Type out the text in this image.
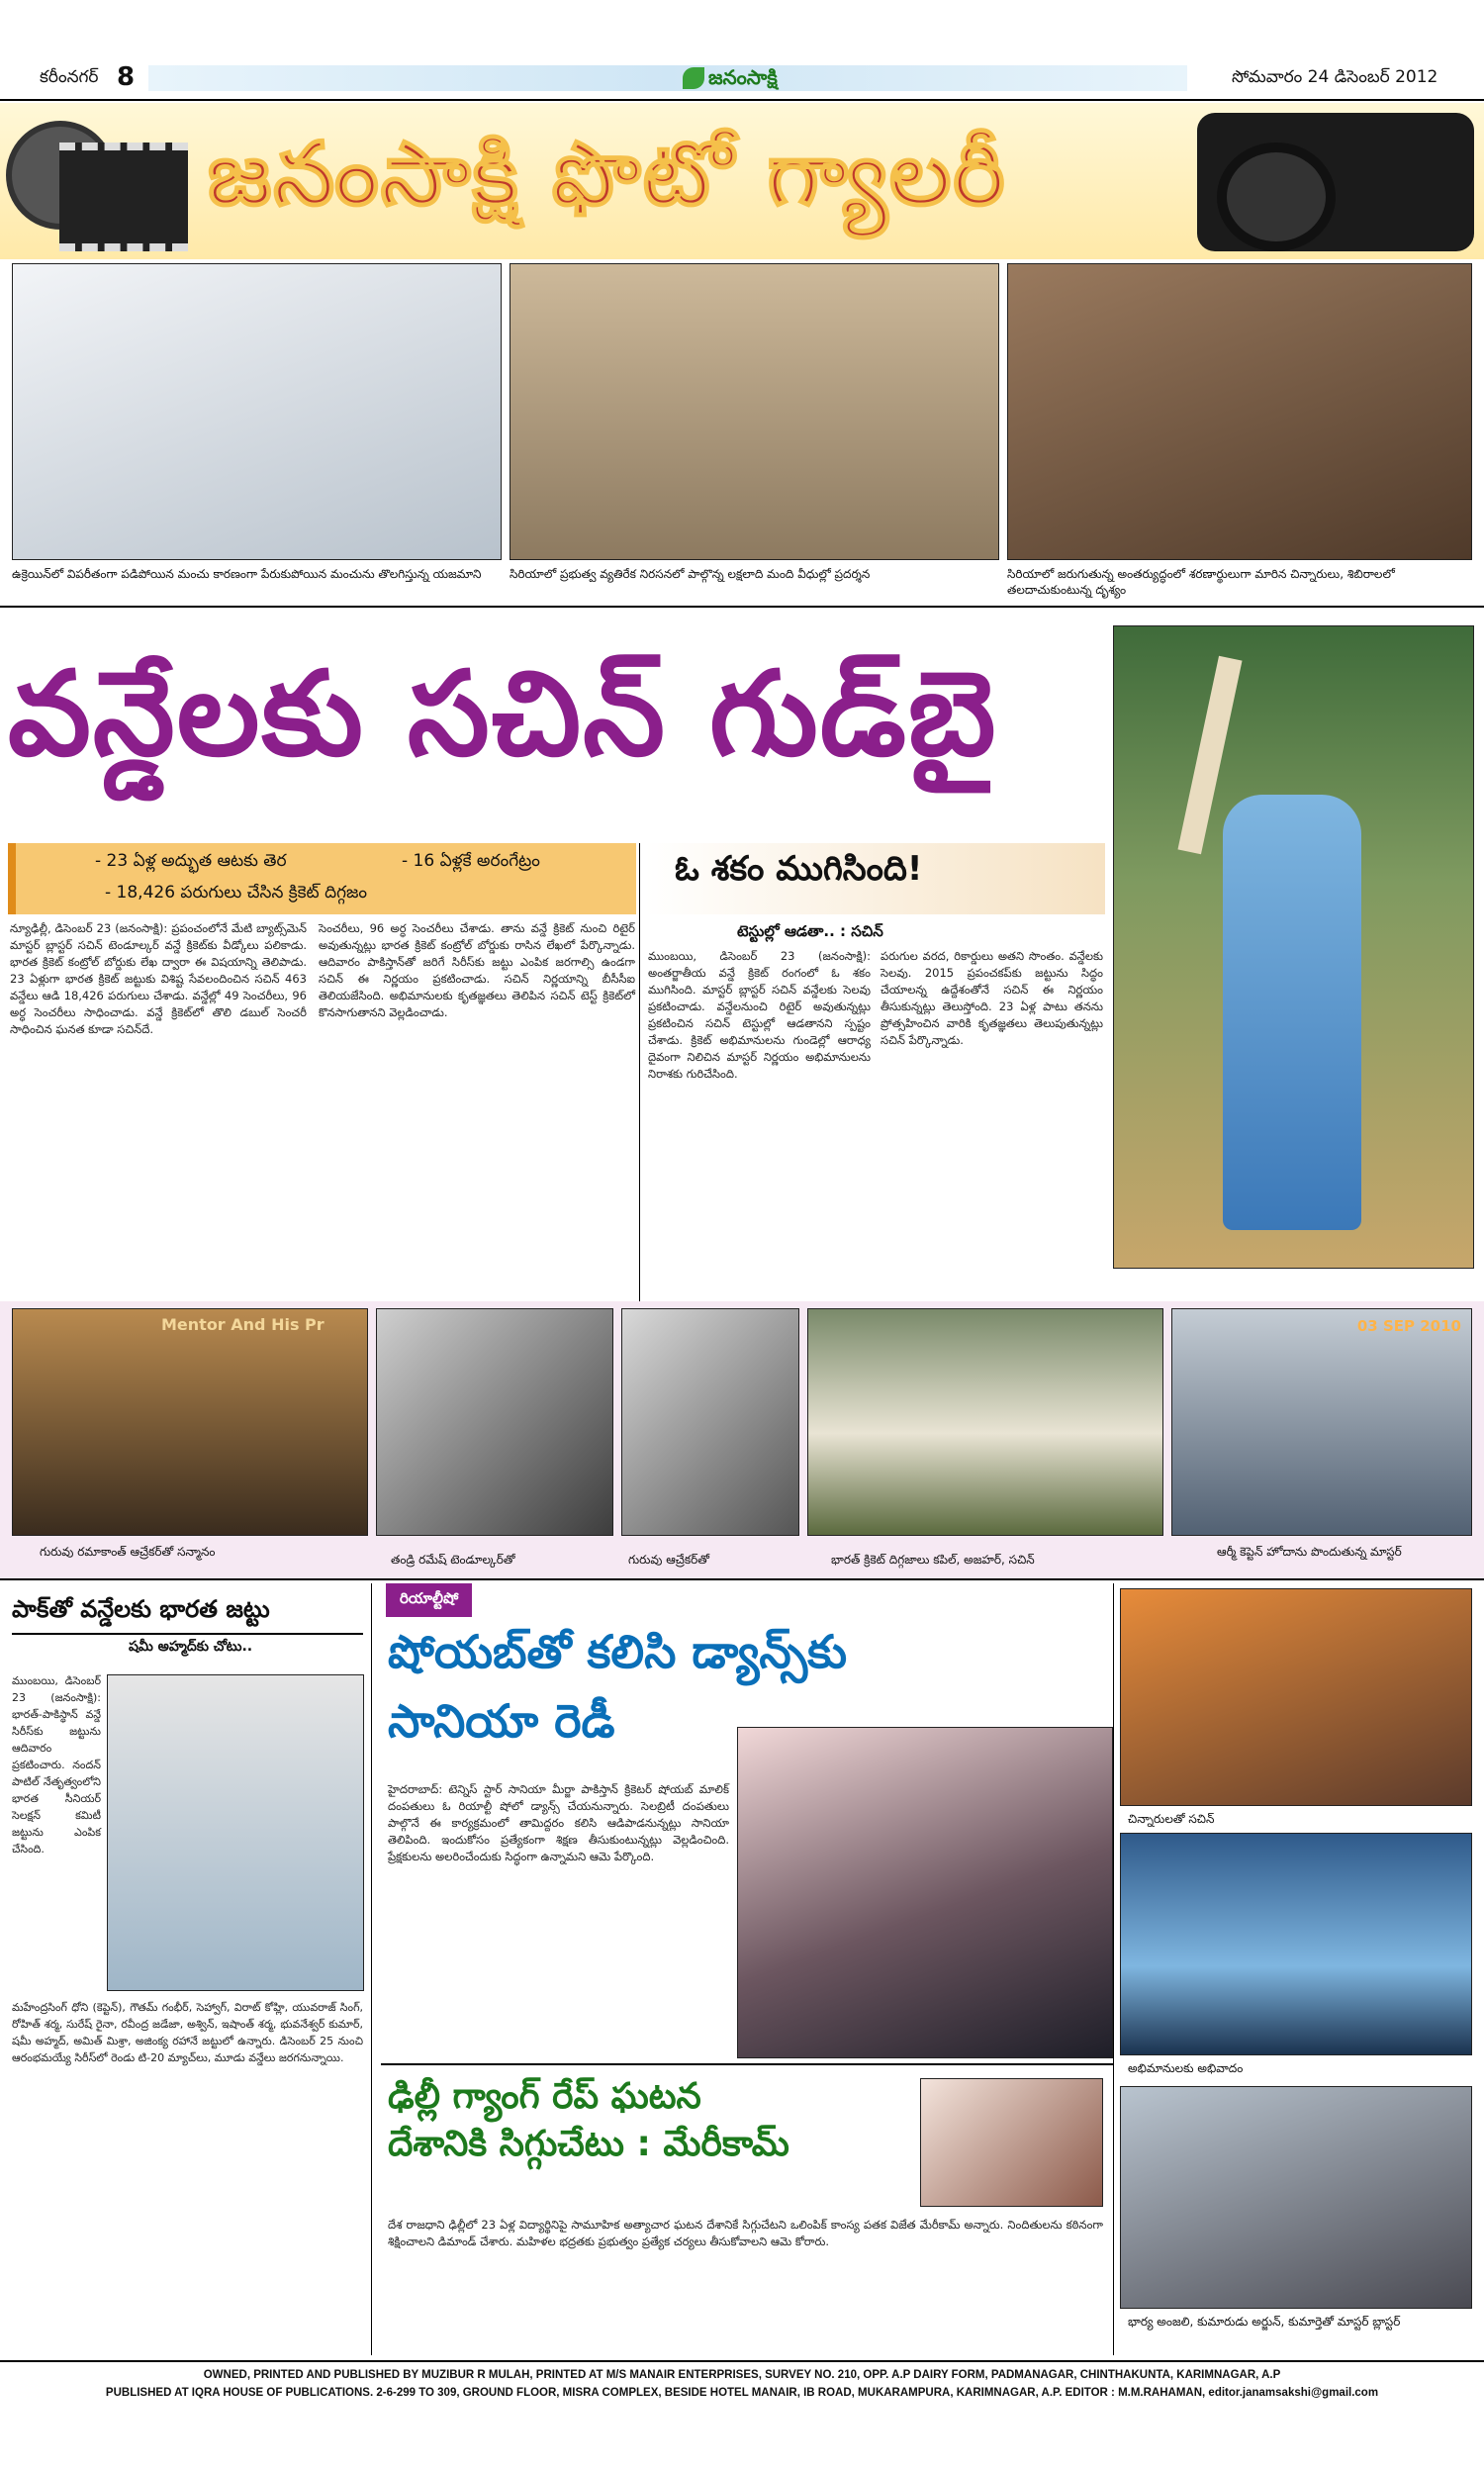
కరీంనగర్ 8	జనంసాక్షి	సోమవారం 24 డిసెంబర్ 2012
జనంసాక్షి ఫొటో గ్యాలరీ
ఉక్రెయిన్‌లో విపరీతంగా పడిపోయిన మంచు కారణంగా పేరుకుపోయిన మంచును తొలగిస్తున్న యజమాని	సిరియాలో ప్రభుత్వ వ్యతిరేక నిరసనలో పాల్గొన్న లక్షలాది మంది వీధుల్లో ప్రదర్శన	సిరియాలో జరుగుతున్న అంతర్యుద్ధంలో శరణార్థులుగా మారిన చిన్నారులు, శిబిరాలలో తలదాచుకుంటున్న దృశ్యం
వన్డేలకు సచిన్ గుడ్‌బై
- 23 ఏళ్ల అద్భుత ఆటకు తెర	- 16 ఏళ్లకే అరంగేట్రం
- 18,426 పరుగులు చేసిన క్రికెట్ దిగ్గజం
ఓ శకం ముగిసింది!
టెస్టుల్లో ఆడతా.. : సచిన్
న్యూఢిల్లీ, డిసెంబర్ 23 (జనంసాక్షి): ప్రపంచంలోనే మేటి బ్యాట్స్‌మెన్ మాస్టర్ బ్లాస్టర్ సచిన్ టెండూల్కర్ వన్డే క్రికెట్‌కు వీడ్కోలు పలికాడు. భారత క్రికెట్ కంట్రోల్ బోర్డుకు లేఖ ద్వారా ఈ విషయాన్ని తెలిపాడు. 23 ఏళ్లుగా భారత క్రికెట్ జట్టుకు విశిష్ట సేవలందించిన సచిన్ 463 వన్డేలు ఆడి 18,426 పరుగులు చేశాడు. వన్డేల్లో 49 సెంచరీలు, 96 అర్ధ సెంచరీలు సాధించాడు. వన్డే క్రికెట్‌లో తొలి డబుల్ సెంచరీ సాధించిన ఘనత కూడా సచిన్‌దే.
సెంచరీలు, 96 అర్ధ సెంచరీలు చేశాడు. తాను వన్డే క్రికెట్ నుంచి రిటైర్ అవుతున్నట్లు భారత క్రికెట్ కంట్రోల్ బోర్డుకు రాసిన లేఖలో పేర్కొన్నాడు. ఆదివారం పాకిస్తాన్‌తో జరిగే సిరీస్‌కు జట్టు ఎంపిక జరగాల్సి ఉండగా సచిన్ ఈ నిర్ణయం ప్రకటించాడు. సచిన్ నిర్ణయాన్ని బీసీసీఐ తెలియజేసింది. అభిమానులకు కృతజ్ఞతలు తెలిపిన సచిన్ టెస్ట్ క్రికెట్‌లో కొనసాగుతానని వెల్లడించాడు.
ముంబయి, డిసెంబర్ 23 (జనంసాక్షి): అంతర్జాతీయ వన్డే క్రికెట్ రంగంలో ఓ శకం ముగిసింది. మాస్టర్ బ్లాస్టర్ సచిన్ వన్డేలకు సెలవు ప్రకటించాడు. వన్డేలనుంచి రిటైర్ అవుతున్నట్లు ప్రకటించిన సచిన్ టెస్టుల్లో ఆడతానని స్పష్టం చేశాడు. క్రికెట్ అభిమానులను గుండెల్లో ఆరాధ్య దైవంగా నిలిచిన మాస్టర్ నిర్ణయం అభిమానులను నిరాశకు గురిచేసింది.
పరుగుల వరద, రికార్డులు అతని సొంతం. వన్డేలకు సెలవు. 2015 ప్రపంచకప్‌కు జట్టును సిద్ధం చేయాలన్న ఉద్దేశంతోనే సచిన్ ఈ నిర్ణయం తీసుకున్నట్లు తెలుస్తోంది. 23 ఏళ్ల పాటు తనను ప్రోత్సహించిన వారికి కృతజ్ఞతలు తెలుపుతున్నట్లు సచిన్ పేర్కొన్నాడు.
Mentor And His Pr
గురువు రమాకాంత్ ఆచ్రేకర్‌తో సన్మానం
తండ్రి రమేష్ టెండూల్కర్‌తో	గురువు ఆచ్రేకర్‌తో	భారత్ క్రికెట్ దిగ్గజాలు కపిల్, అజహర్, సచిన్
03 SEP 2010
ఆర్మీ కెప్టెన్ హోదాను పొందుతున్న మాస్టర్
పాక్‌తో వన్డేలకు భారత జట్టు
షమీ అహ్మద్‌కు చోటు..
ముంబయి, డిసెంబర్ 23 (జనంసాక్షి): భారత్-పాకిస్థాన్ వన్డే సిరీస్‌కు జట్టును ఆదివారం ప్రకటించారు. నందన్ పాటిల్ నేతృత్వంలోని భారత సీనియర్ సెలక్షన్ కమిటీ జట్టును ఎంపిక చేసింది.
మహేంద్రసింగ్ ధోని (కెప్టెన్), గౌతమ్ గంభీర్, సెహ్వాగ్, విరాట్ కోహ్లి, యువరాజ్ సింగ్, రోహిత్ శర్మ, సురేష్ రైనా, రవీంద్ర జడేజా, అశ్విన్, ఇషాంత్ శర్మ, భువనేశ్వర్ కుమార్, షమీ అహ్మద్, అమిత్ మిశ్రా, అజింక్య రహానే జట్టులో ఉన్నారు. డిసెంబర్ 25 నుంచి ఆరంభమయ్యే సిరీస్‌లో రెండు టి-20 మ్యాచ్‌లు, మూడు వన్డేలు జరగనున్నాయి.
రియాల్టీషో
షోయబ్‌తో కలిసి డ్యాన్స్‌కు
సానియా రెడీ
హైదరాబాద్: టెన్నిస్ స్టార్ సానియా మీర్జా పాకిస్తాన్ క్రికెటర్ షోయబ్ మాలిక్ దంపతులు ఓ రియాల్టీ షోలో డ్యాన్స్ చేయనున్నారు. సెలబ్రిటీ దంపతులు పాల్గొనే ఈ కార్యక్రమంలో తామిద్దరం కలిసి ఆడిపాడనున్నట్లు సానియా తెలిపింది. ఇందుకోసం ప్రత్యేకంగా శిక్షణ తీసుకుంటున్నట్లు వెల్లడించింది. ప్రేక్షకులను అలరించేందుకు సిద్ధంగా ఉన్నామని ఆమె పేర్కొంది.
ఢిల్లీ గ్యాంగ్ రేప్ ఘటన
దేశానికి సిగ్గుచేటు : మేరీకామ్
దేశ రాజధాని ఢిల్లీలో 23 ఏళ్ల విద్యార్థినిపై సామూహిక అత్యాచార ఘటన దేశానికే సిగ్గుచేటని ఒలింపిక్ కాంస్య పతక విజేత మేరీకామ్ అన్నారు. నిందితులను కఠినంగా శిక్షించాలని డిమాండ్ చేశారు. మహిళల భద్రతకు ప్రభుత్వం ప్రత్యేక చర్యలు తీసుకోవాలని ఆమె కోరారు.
చిన్నారులతో సచిన్
అభిమానులకు అభివాదం
భార్య అంజలి, కుమారుడు అర్జున్, కుమార్తెతో మాస్టర్ బ్లాస్టర్
OWNED, PRINTED AND PUBLISHED BY MUZIBUR R MULAH, PRINTED AT M/S MANAIR ENTERPRISES, SURVEY NO. 210, OPP. A.P DAIRY FORM, PADMANAGAR, CHINTHAKUNTA, KARIMNAGAR, A.P
PUBLISHED AT IQRA HOUSE OF PUBLICATIONS. 2-6-299 TO 309, GROUND FLOOR, MISRA COMPLEX, BESIDE HOTEL MANAIR, IB ROAD, MUKARAMPURA, KARIMNAGAR, A.P. EDITOR : M.M.RAHAMAN, editor.janamsakshi@gmail.com
